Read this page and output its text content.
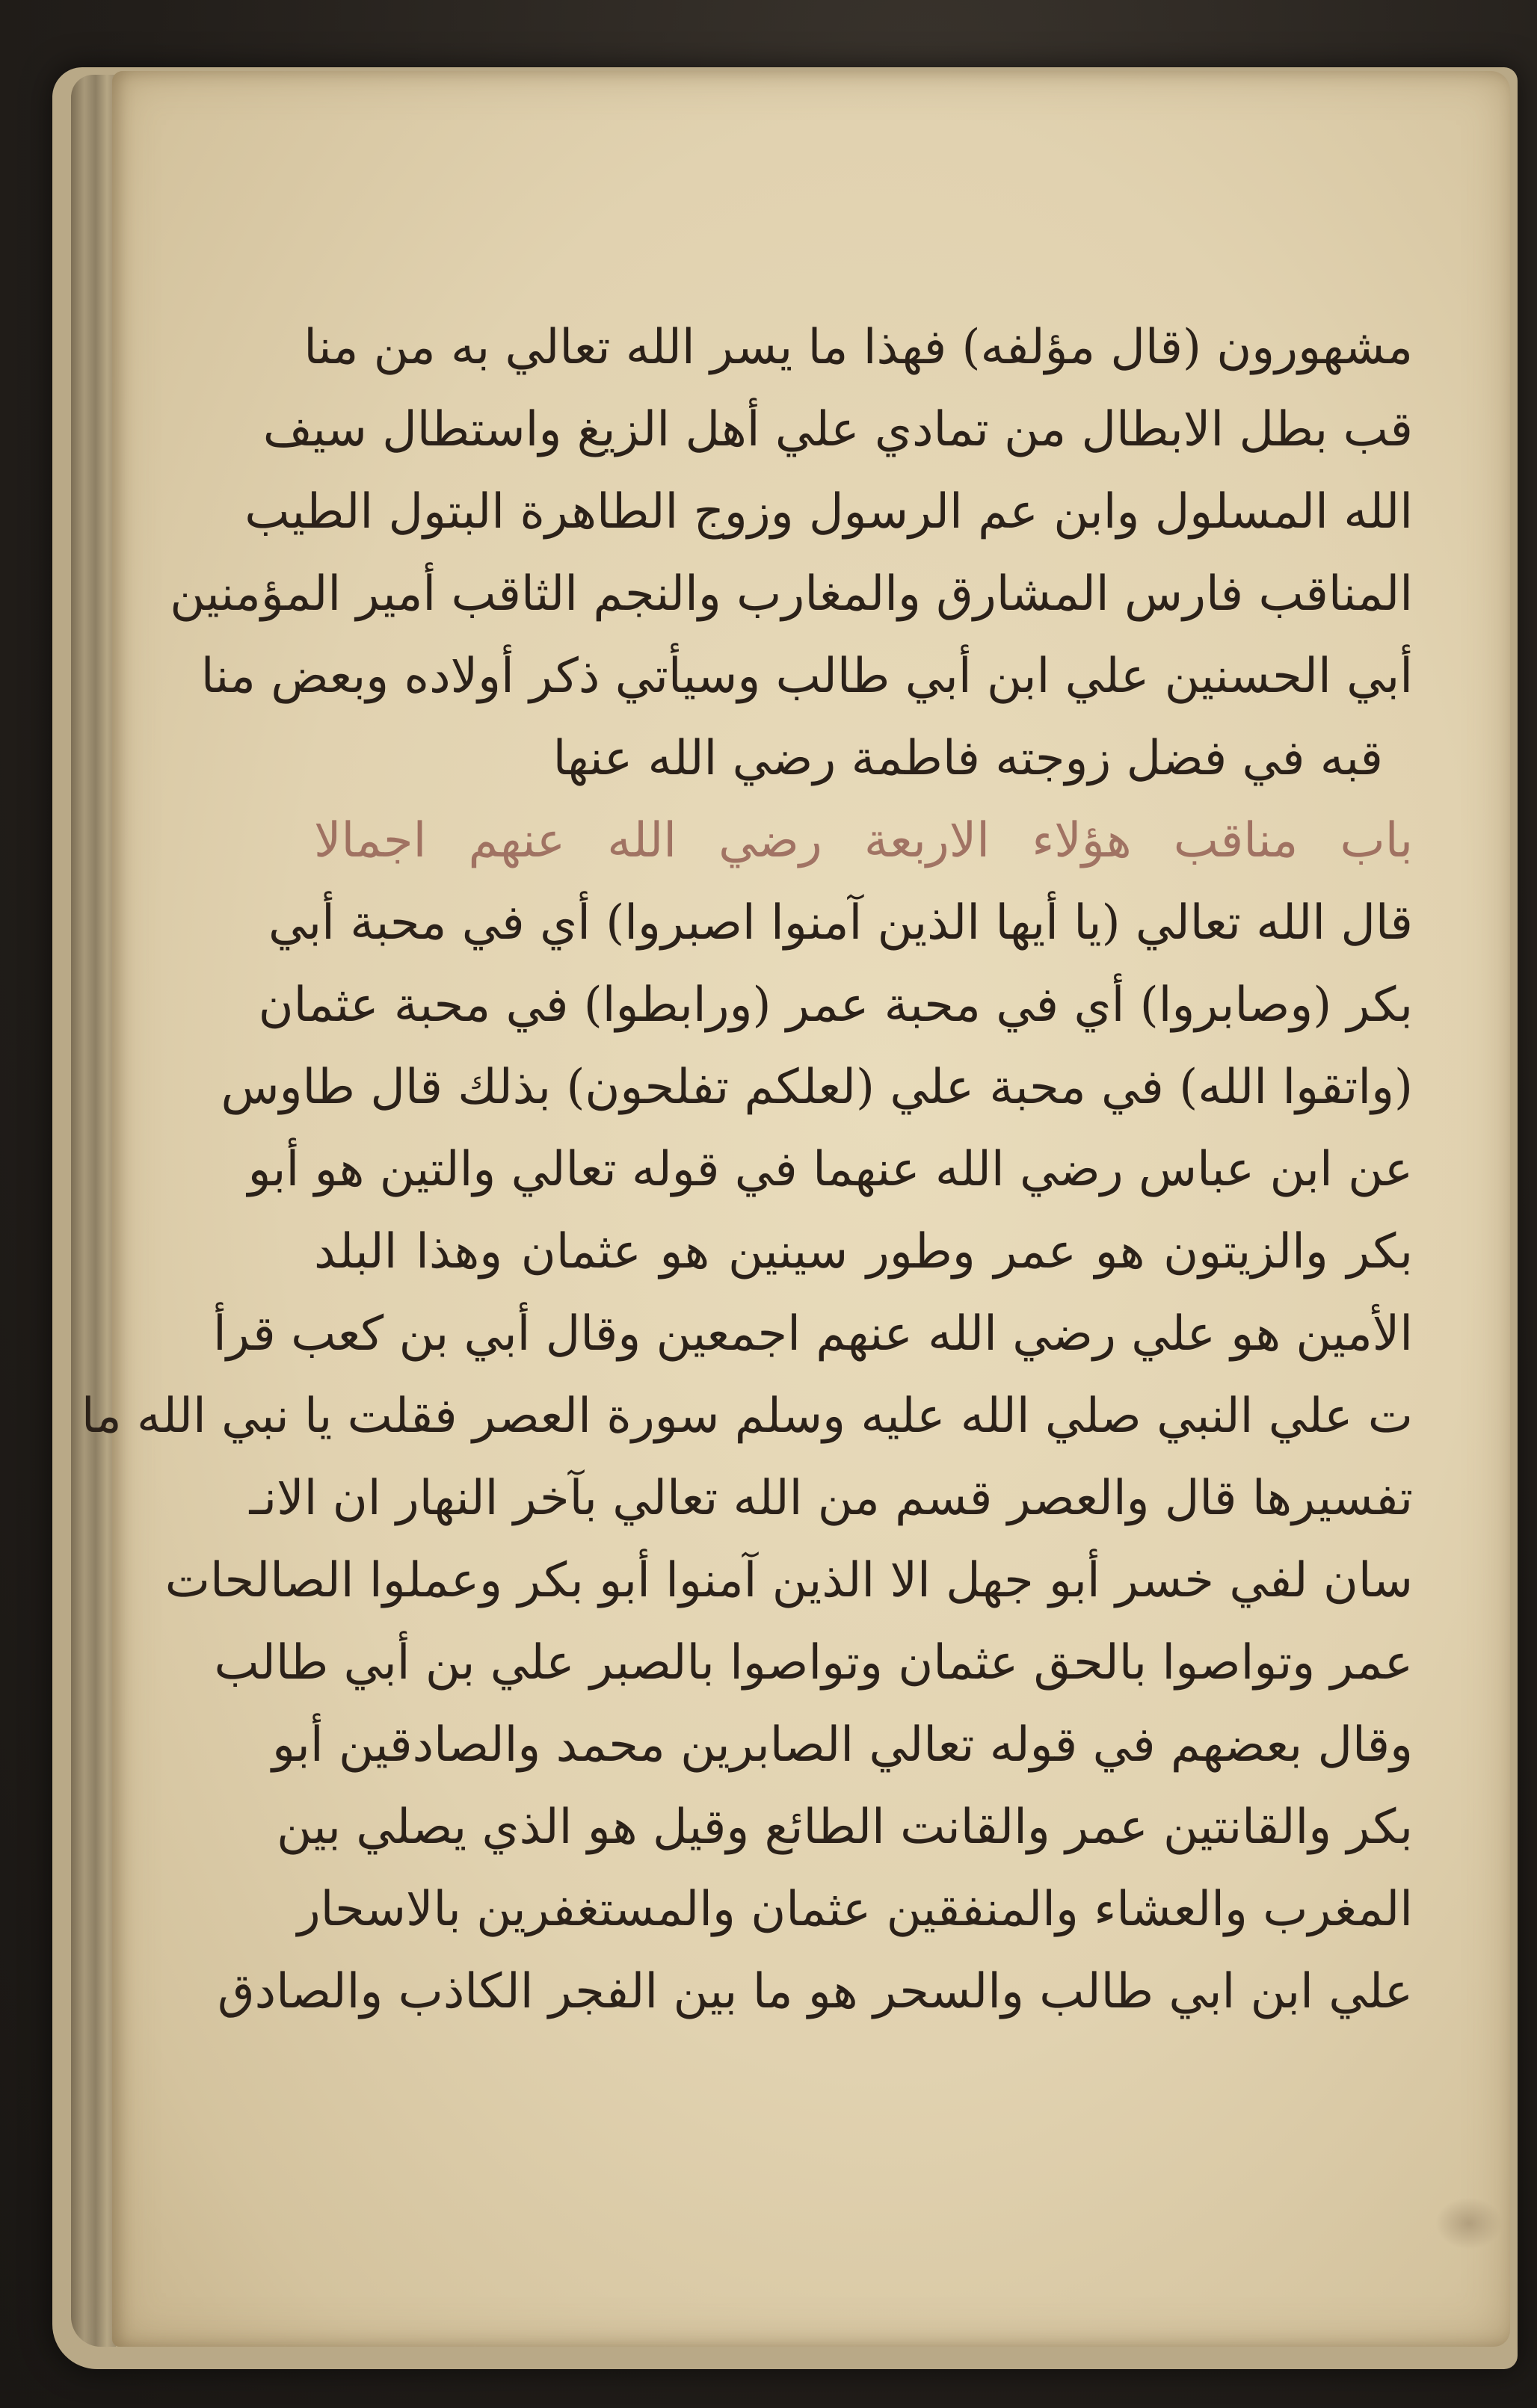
مشهورون (قال مؤلفه) فهذا ما يسر الله تعالي به من منا
قب بطل الابطال من تمادي علي أهل الزيغ واستطال سيف
الله المسلول وابن عم الرسول وزوج الطاهرة البتول الطيب
المناقب فارس المشارق والمغارب والنجم الثاقب أمير المؤمنين
أبي الحسنين علي ابن أبي طالب وسيأتي ذكر أولاده وبعض منا
قبه في فضل زوجته فاطمة رضي الله عنها
باب مناقب هؤلاء الاربعة رضي الله عنهم اجمالا
قال الله تعالي (يا أيها الذين آمنوا اصبروا) أي في محبة أبي
بكر (وصابروا) أي في محبة عمر (ورابطوا) في محبة عثمان
(واتقوا الله) في محبة علي (لعلكم تفلحون) بذلك قال طاوس
عن ابن عباس رضي الله عنهما في قوله تعالي والتين هو أبو
بكر والزيتون هو عمر وطور سينين هو عثمان وهذا البلد
الأمين هو علي رضي الله عنهم اجمعين وقال أبي بن كعب قرأ
ت علي النبي صلي الله عليه وسلم سورة العصر فقلت يا نبي الله ما
تفسيرها قال والعصر قسم من الله تعالي بآخر النهار ان الانـ
سان لفي خسر أبو جهل الا الذين آمنوا أبو بكر وعملوا الصالحات
عمر وتواصوا بالحق عثمان وتواصوا بالصبر علي بن أبي طالب
وقال بعضهم في قوله تعالي الصابرين محمد والصادقين أبو
بكر والقانتين عمر والقانت الطائع وقيل هو الذي يصلي بين
المغرب والعشاء والمنفقين عثمان والمستغفرين بالاسحار
علي ابن ابي طالب والسحر هو ما بين الفجر الكاذب والصادق
